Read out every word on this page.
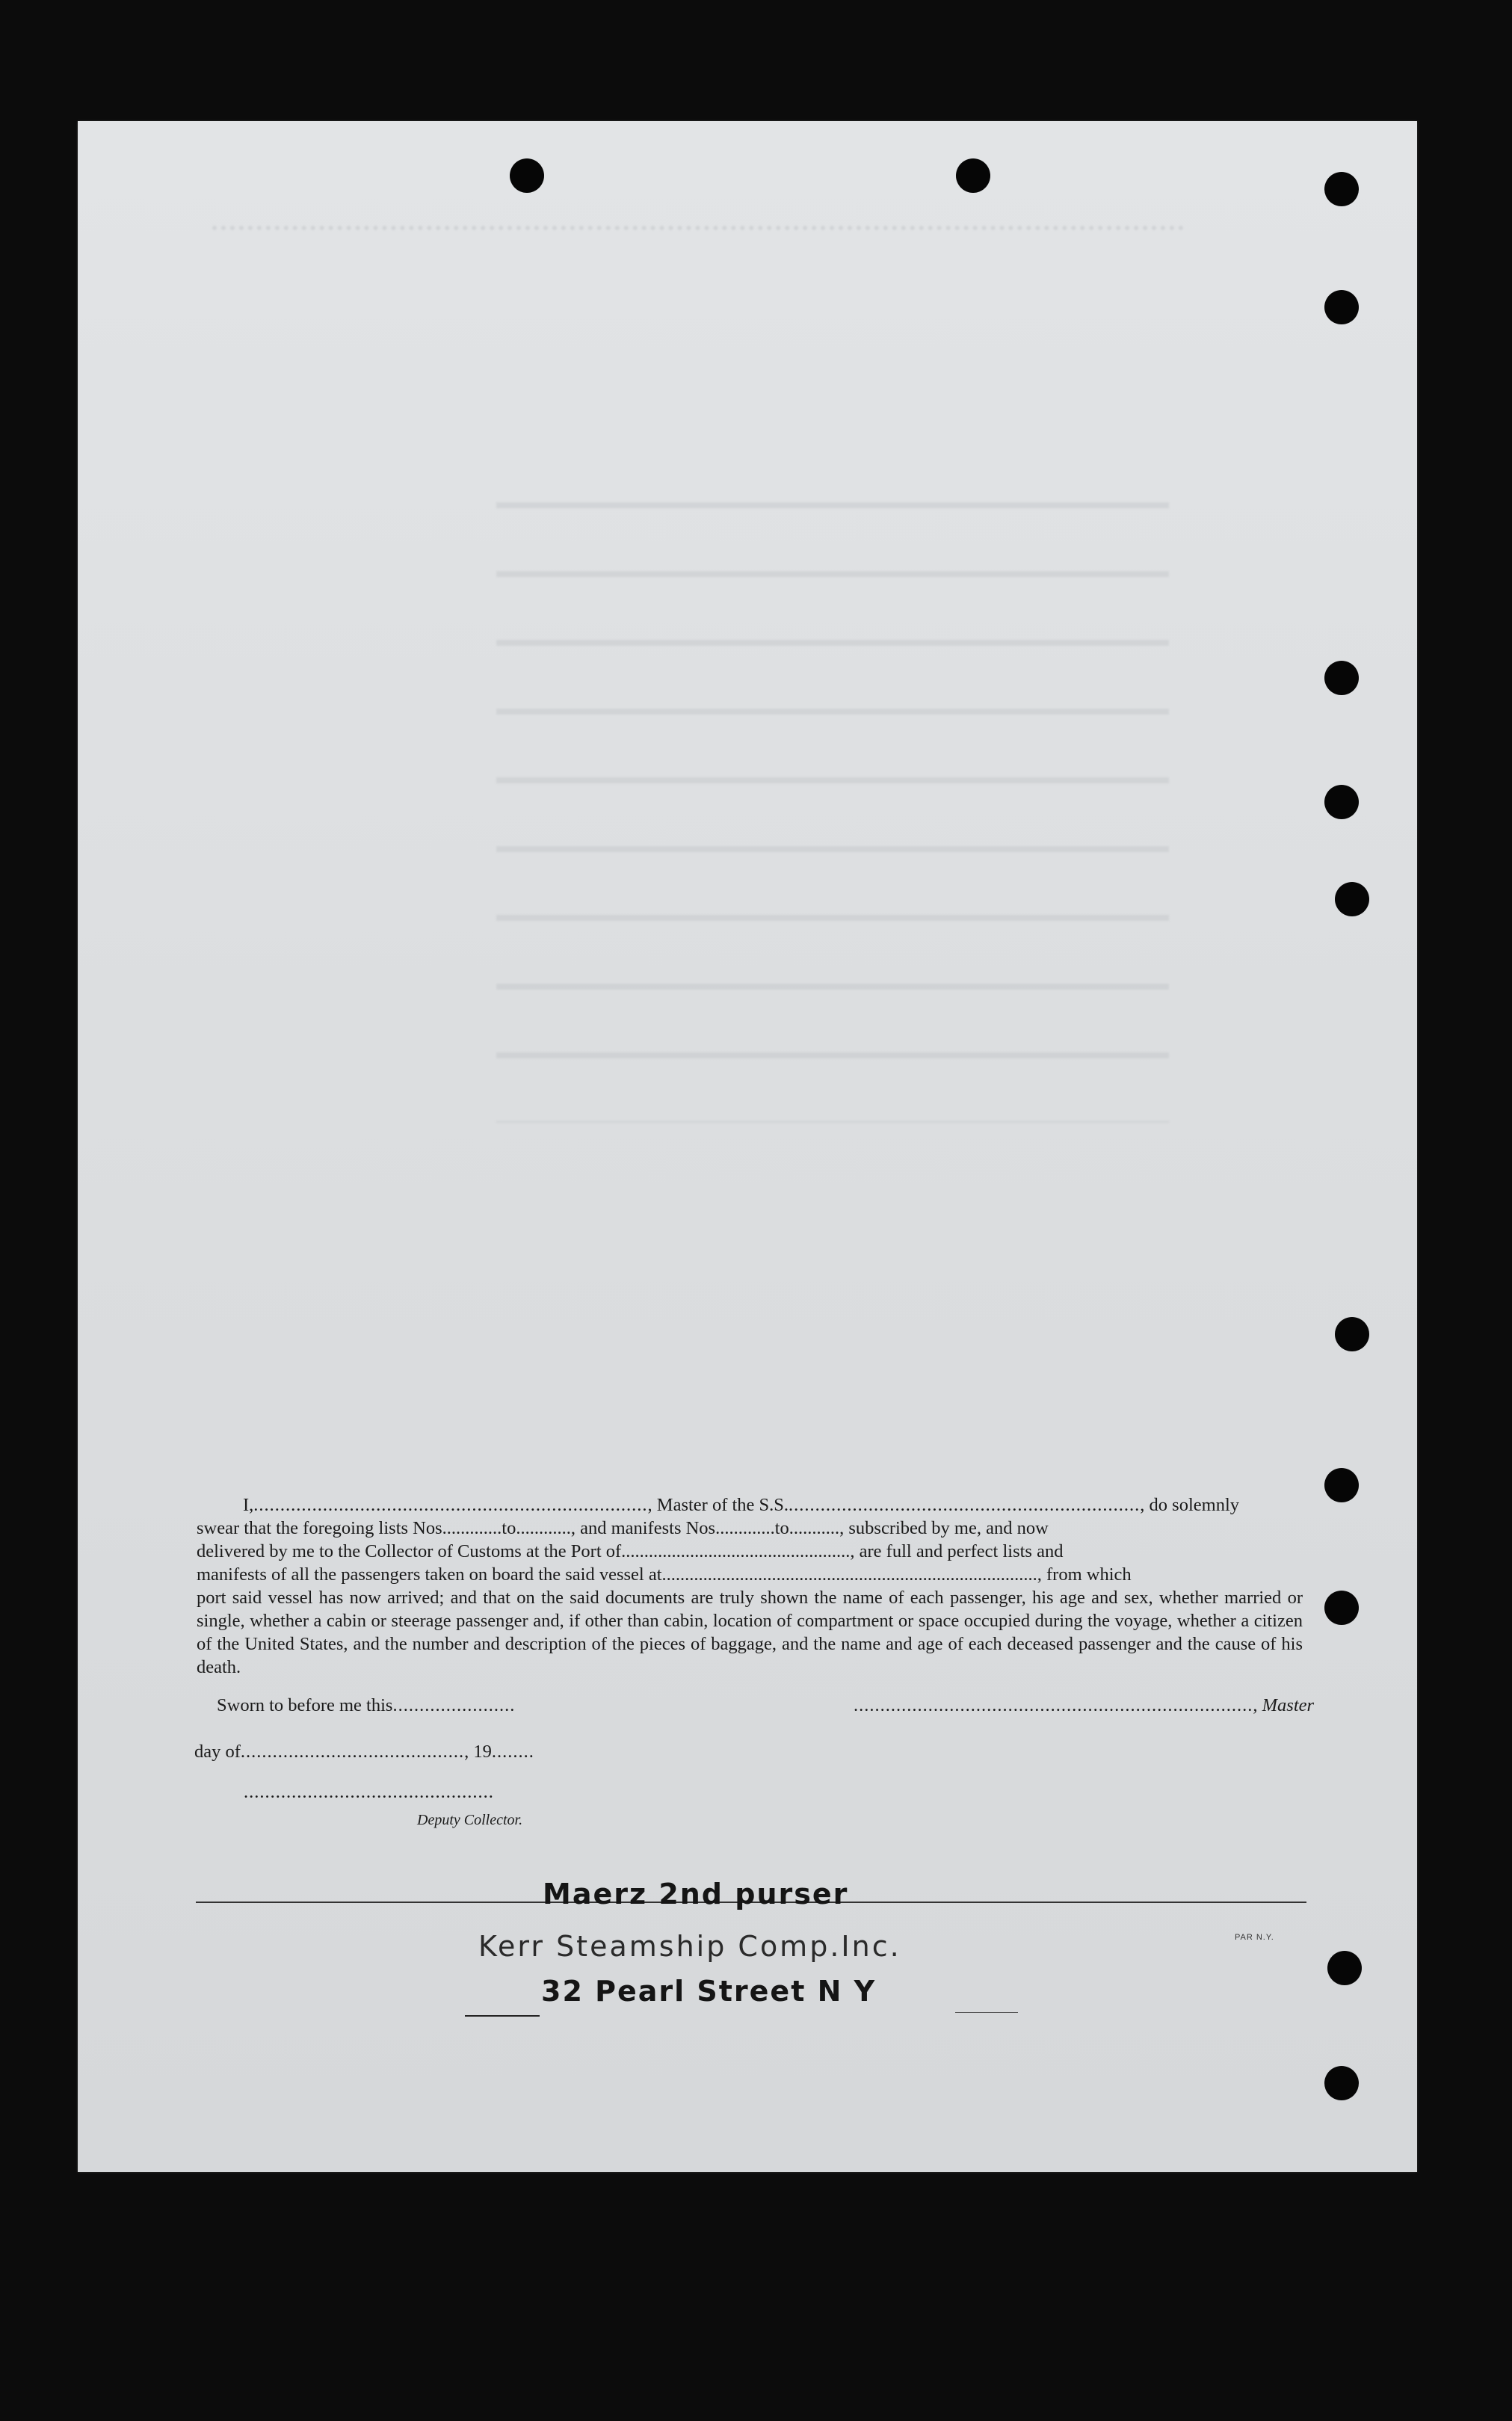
I,.........................................................................., Master of the S.S..................................................................., do solemnly

swear that the foregoing lists Nos.............to............, and manifests Nos.............to..........., subscribed by me, and now

delivered by me to the Collector of Customs at the Port of.................................................., are full and perfect lists and

manifests of all the passengers taken on board the said vessel at.................................................................................., from which

port said vessel has now arrived; and that on the said documents are truly shown the name of each passenger, his age and sex, whether married or single, whether a cabin or steerage passenger and, if other than cabin, location of compartment or space occupied during the voyage, whether a citizen of the United States, and the number and description of the pieces of baggage, and the name and age of each deceased passenger and the cause of his death.

Sworn to before me this.......................	..........................................................................., Master
day of.........................................., 19........
...............................................
Deputy Collector.
Maerz 2nd purser
Kerr Steamship Comp.Inc.
32 Pearl Street N Y
PAR N.Y.
